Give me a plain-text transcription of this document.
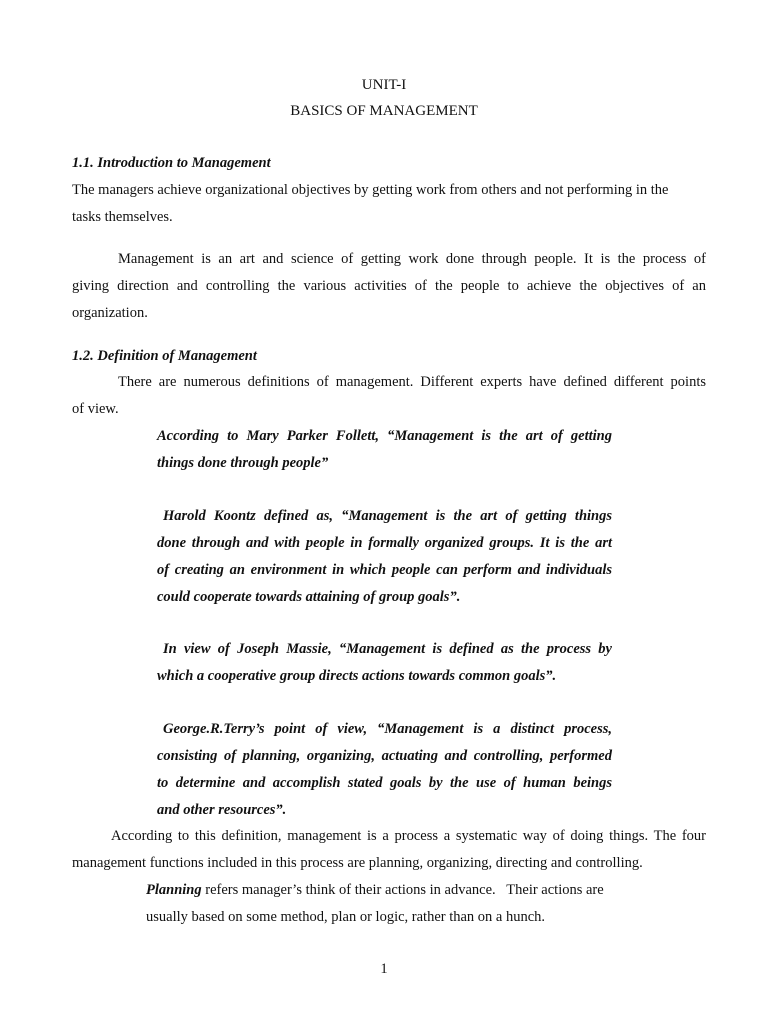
UNIT-I

BASICS OF MANAGEMENT

1.1. Introduction to Management

The managers achieve organizational objectives by getting work from others and not performing in the

tasks themselves.

Management is an art and science of getting work done through people. It is the process of

giving direction and controlling the various activities of the people to achieve the objectives of an

organization.

1.2. Definition of Management

There are numerous definitions of management. Different experts have defined different points

of view.

According to Mary Parker Follett, “Management is the art of getting

things done through people”

Harold Koontz defined as, “Management is the art of getting things

done through and with people in formally organized groups. It is the art

of creating an environment in which people can perform and individuals

could cooperate towards attaining of group goals”.

In view of Joseph Massie, “Management is defined as the process by

which a cooperative group directs actions towards common goals”.

George.R.Terry’s point of view, “Management is a distinct process,

consisting of planning, organizing, actuating and controlling, performed

to determine and accomplish stated goals by the use of human beings

and other resources”.

According to this definition, management is a process a systematic way of doing things. The four

management functions included in this process are planning, organizing, directing and controlling.

Planning refers manager’s think of their actions in advance.   Their actions are

usually based on some method, plan or logic, rather than on a hunch.

1
